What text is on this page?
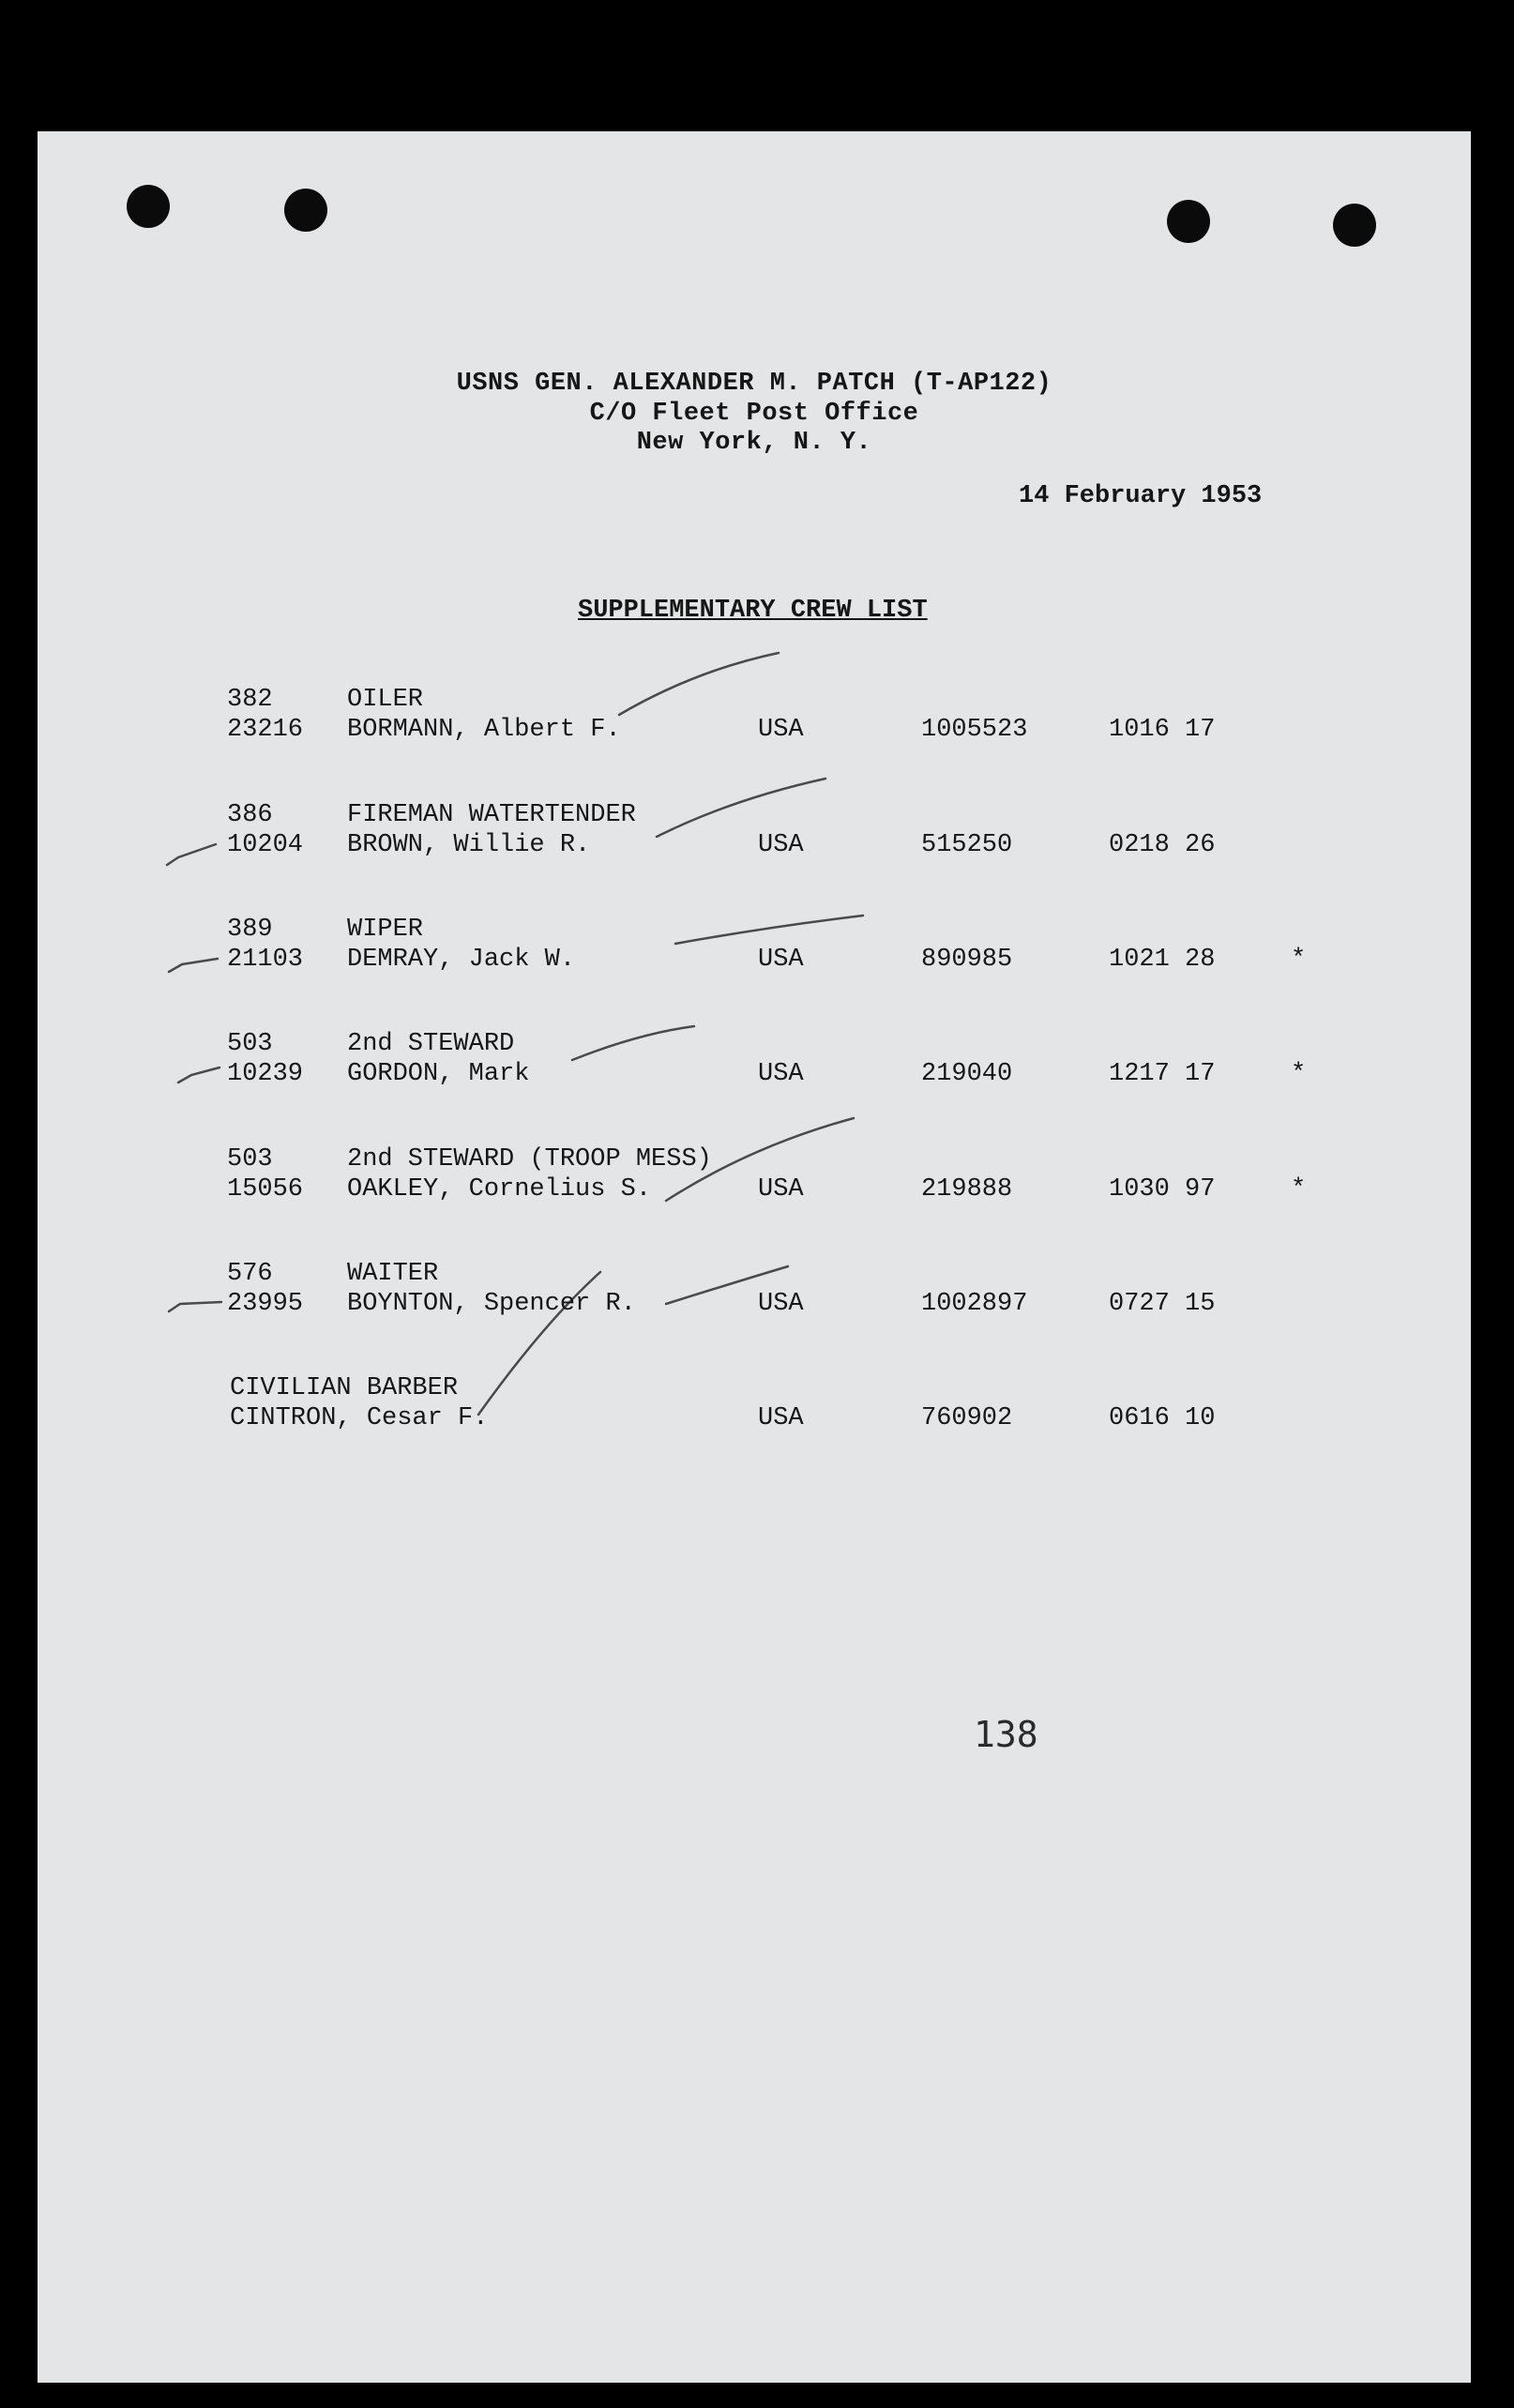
USNS GEN. ALEXANDER M. PATCH (T-AP122)
C/O Fleet Post Office
New York, N. Y.
14 February 1953
SUPPLEMENTARY CREW LIST
382	OILER
23216 BORMANN, Albert F.	USA	1005523	1016 17
386	FIREMAN WATERTENDER
10204 BROWN, Willie R.	USA	515250	0218 26
389	WIPER
21103 DEMRAY, Jack W.	USA	890985	1021 28	*
503	2nd STEWARD
10239 GORDON, Mark	USA	219040	1217 17	*
503	2nd STEWARD (TROOP MESS)
15056 OAKLEY, Cornelius S.	USA	219888	1030 97	*
576	WAITER
23995 BOYNTON, Spencer R.	USA	1002897	0727 15
CIVILIAN BARBER
CINTRON, Cesar F.	USA	760902	0616 10
138
